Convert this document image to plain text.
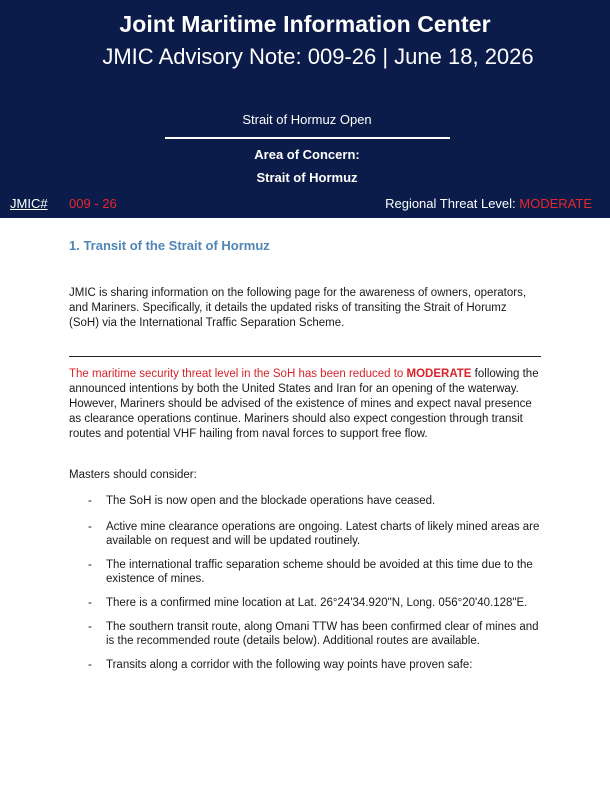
Joint Maritime Information Center
JMIC Advisory Note: 009-26 | June 18, 2026
Strait of Hormuz Open
Area of Concern:
Strait of Hormuz
JMIC# 009 - 26	Regional Threat Level: MODERATE
1. Transit of the Strait of Hormuz
JMIC is sharing information on the following page for the awareness of owners, operators, and Mariners. Specifically, it details the updated risks of transiting the Strait of Horumz (SoH) via the International Traffic Separation Scheme.
The maritime security threat level in the SoH has been reduced to MODERATE following the announced intentions by both the United States and Iran for an opening of the waterway. However, Mariners should be advised of the existence of mines and expect naval presence as clearance operations continue. Mariners should also expect congestion through transit routes and potential VHF hailing from naval forces to support free flow.
Masters should consider:
- The SoH is now open and the blockade operations have ceased.
- Active mine clearance operations are ongoing. Latest charts of likely mined areas are available on request and will be updated routinely.
- The international traffic separation scheme should be avoided at this time due to the existence of mines.
- There is a confirmed mine location at Lat. 26°24'34.920"N, Long. 056°20'40.128"E.
- The southern transit route, along Omani TTW has been confirmed clear of mines and is the recommended route (details below). Additional routes are available.
- Transits along a corridor with the following way points have proven safe:
